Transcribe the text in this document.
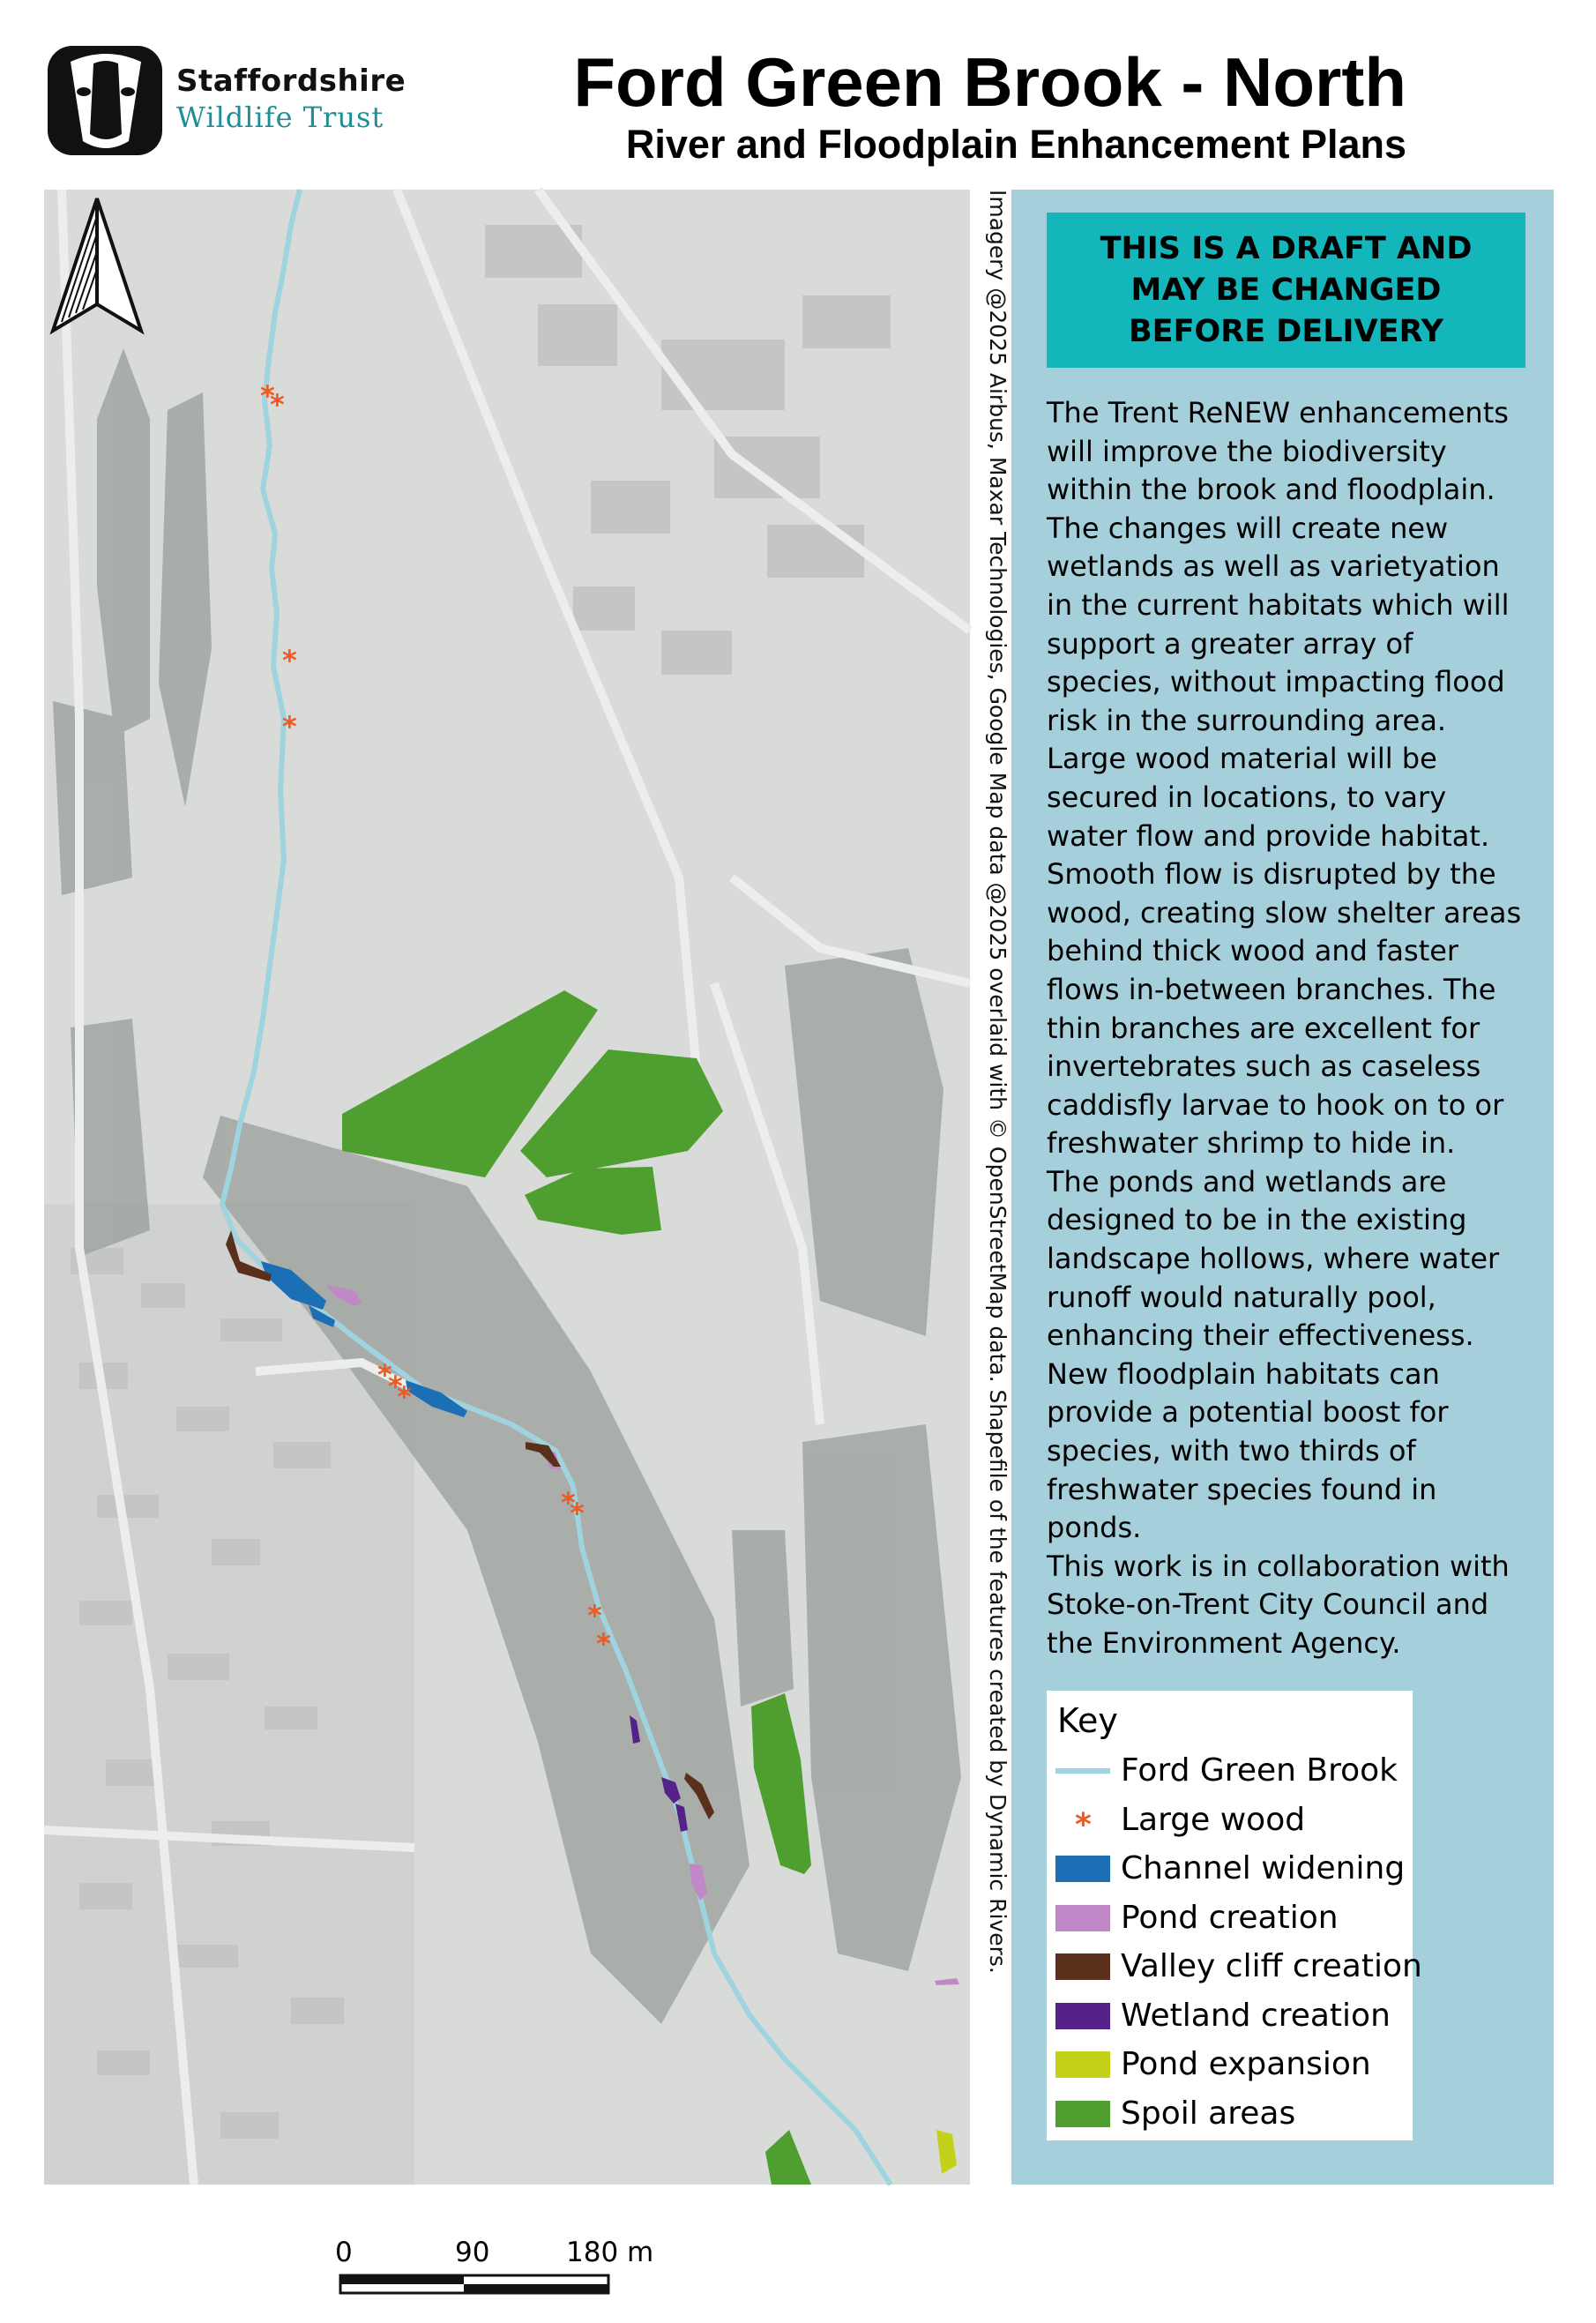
Staffordshire
Wildlife Trust	Ford Green Brook - North
River and Floodplain Enhancement Plans
*
*
*
*
*
*
*
*
*
*
*
0	90	180 m
Imagery @2025 Airbus, Maxar Technologies, Google Map data @2025 overlaid with © OpenStreetMap data. Shapefile of the features created by Dynamic Rivers.	THIS IS A DRAFT AND
MAY BE CHANGED
BEFORE DELIVERY
The Trent ReNEW enhancements
will improve the biodiversity
within the brook and floodplain.
The changes will create new
wetlands as well as varietyation
in the current habitats which will
support a greater array of
species, without impacting flood
risk in the surrounding area.
Large wood material will be
secured in locations, to vary
water flow and provide habitat.
Smooth flow is disrupted by the
wood, creating slow shelter areas
behind thick wood and faster
flows in-between branches. The
thin branches are excellent for
invertebrates such as caseless
caddisfly larvae to hook on to or
freshwater shrimp to hide in.
The ponds and wetlands are
designed to be in the existing
landscape hollows, where water
runoff would naturally pool,
enhancing their effectiveness.
New floodplain habitats can
provide a potential boost for
species, with two thirds of
freshwater species found in
ponds.
This work is in collaboration with
Stoke-on-Trent City Council and
the Environment Agency.
Key
Ford Green Brook
* Large wood
Channel widening
Pond creation
Valley cliff creation
Wetland creation
Pond expansion
Spoil areas
